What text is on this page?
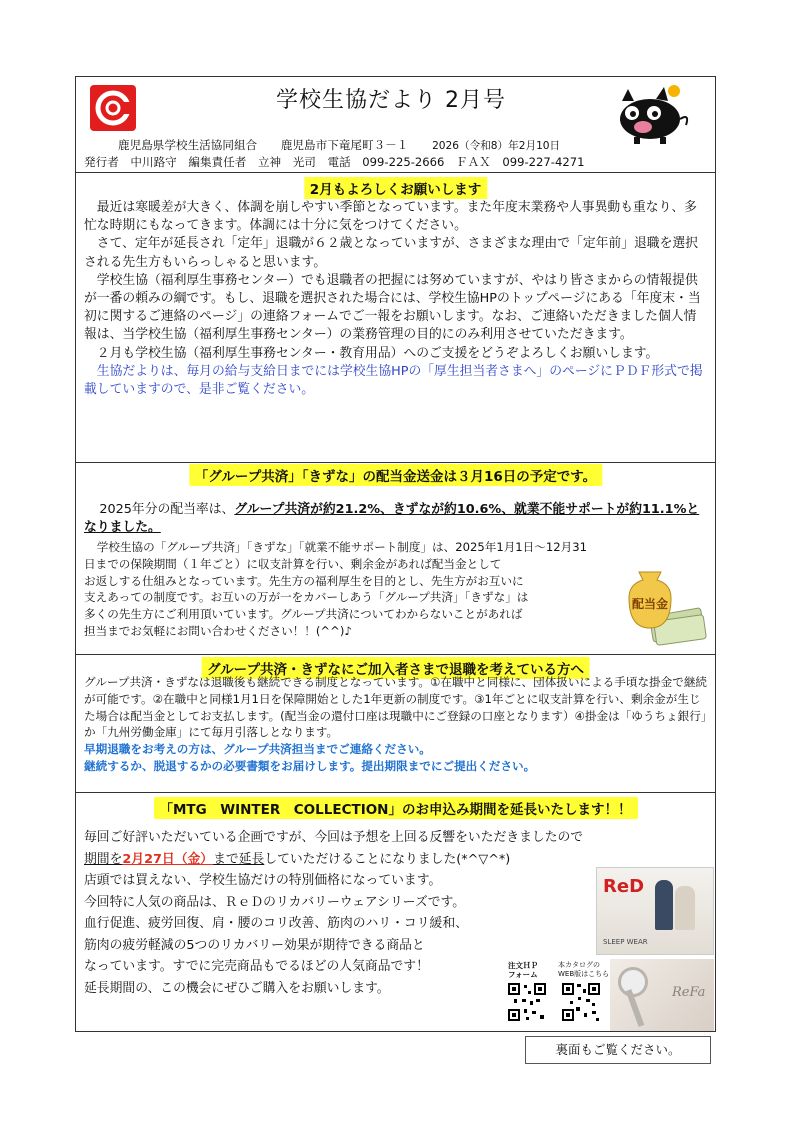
学校生協だより 2月号
鹿児島県学校生活協同組合 鹿児島市下竜尾町３－１ 2026（令和8）年2月10日
発行者　中川路守　編集責任者　立神　光司　電話　099-225-2666　ＦＡＸ　099-227-4271
2月もよろしくお願いします

最近は寒暖差が大きく、体調を崩しやすい季節となっています。また年度末業務や人事異動も重なり、多忙な時期にもなってきます。体調には十分に気をつけてください。

さて、定年が延長され「定年」退職が６２歳となっていますが、さまざまな理由で「定年前」退職を選択される先生方もいらっしゃると思います。

学校生協（福利厚生事務センター）でも退職者の把握には努めていますが、やはり皆さまからの情報提供が一番の頼みの綱です。もし、退職を選択された場合には、学校生協HPのトップページにある「年度末・当初に関するご連絡のページ」の連絡フォームでご一報をお願いします。なお、ご連絡いただきました個人情報は、当学校生協（福利厚生事務センター）の業務管理の目的にのみ利用させていただきます。

２月も学校生協（福利厚生事務センター・教育用品）へのご支援をどうぞよろしくお願いします。

生協だよりは、毎月の給与支給日までには学校生協HPの「厚生担当者さまへ」のページにＰＤＦ形式で掲載していますので、是非ご覧ください。

「グループ共済」「きずな」の配当金送金は３月16日の予定です。
2025年分の配当率は、グループ共済が約21.2%、きずなが約10.6%、就業不能サポートが約11.1%となりました。

学校生協の「グループ共済」「きずな」「就業不能サポート制度」は、2025年1月1日～12月31

日までの保険期間（１年ごと）に収支計算を行い、剰余金があれば配当金として

お返しする仕組みとなっています。先生方の福利厚生を目的とし、先生方がお互いに

支えあっての制度です。お互いの万が一をカバーしあう「グループ共済」「きずな」は

多くの先生方にご利用頂いています。グループ共済についてわからないことがあれば

担当までお気軽にお問い合わせください！！(^^)♪

配当金
グループ共済・きずなにご加入者さまで退職を考えている方へ

グループ共済・きずなは退職後も継続できる制度となっています。①在職中と同様に、団体扱いによる手頃な掛金で継続が可能です。②在職中と同様1月1日を保障開始とした1年更新の制度です。③1年ごとに収支計算を行い、剰余金が生じた場合は配当金としてお支払します。(配当金の還付口座は現職中にご登録の口座となります）④掛金は「ゆうちょ銀行」か「九州労働金庫」にて毎月引落しとなります。

早期退職をお考えの方は、グループ共済担当までご連絡ください。

継続するか、脱退するかの必要書類をお届けします。提出期限までにご提出ください。

「MTG　WINTER　COLLECTION」のお申込み期間を延長いたします！！

毎回ご好評いただいている企画ですが、今回は予想を上回る反響をいただきましたので

期間を2月27日（金）まで延長していただけることになりました(*^▽^*)

店頭では買えない、学校生協だけの特別価格になっています。

今回特に人気の商品は、ＲｅＤのリカバリーウェアシリーズです。

血行促進、疲労回復、肩・腰のコリ改善、筋肉のハリ・コリ緩和、

筋肉の疲労軽減の5つのリカバリー効果が期待できる商品と

なっています。すでに完売商品もでるほどの人気商品です！

延長期間の、この機会にぜひご購入をお願いします。

ReD
SLEEP WEAR
注文ＨＰ
フォーム
本カタログの
WEB版はこちら
ReFa
裏面もご覧ください。
